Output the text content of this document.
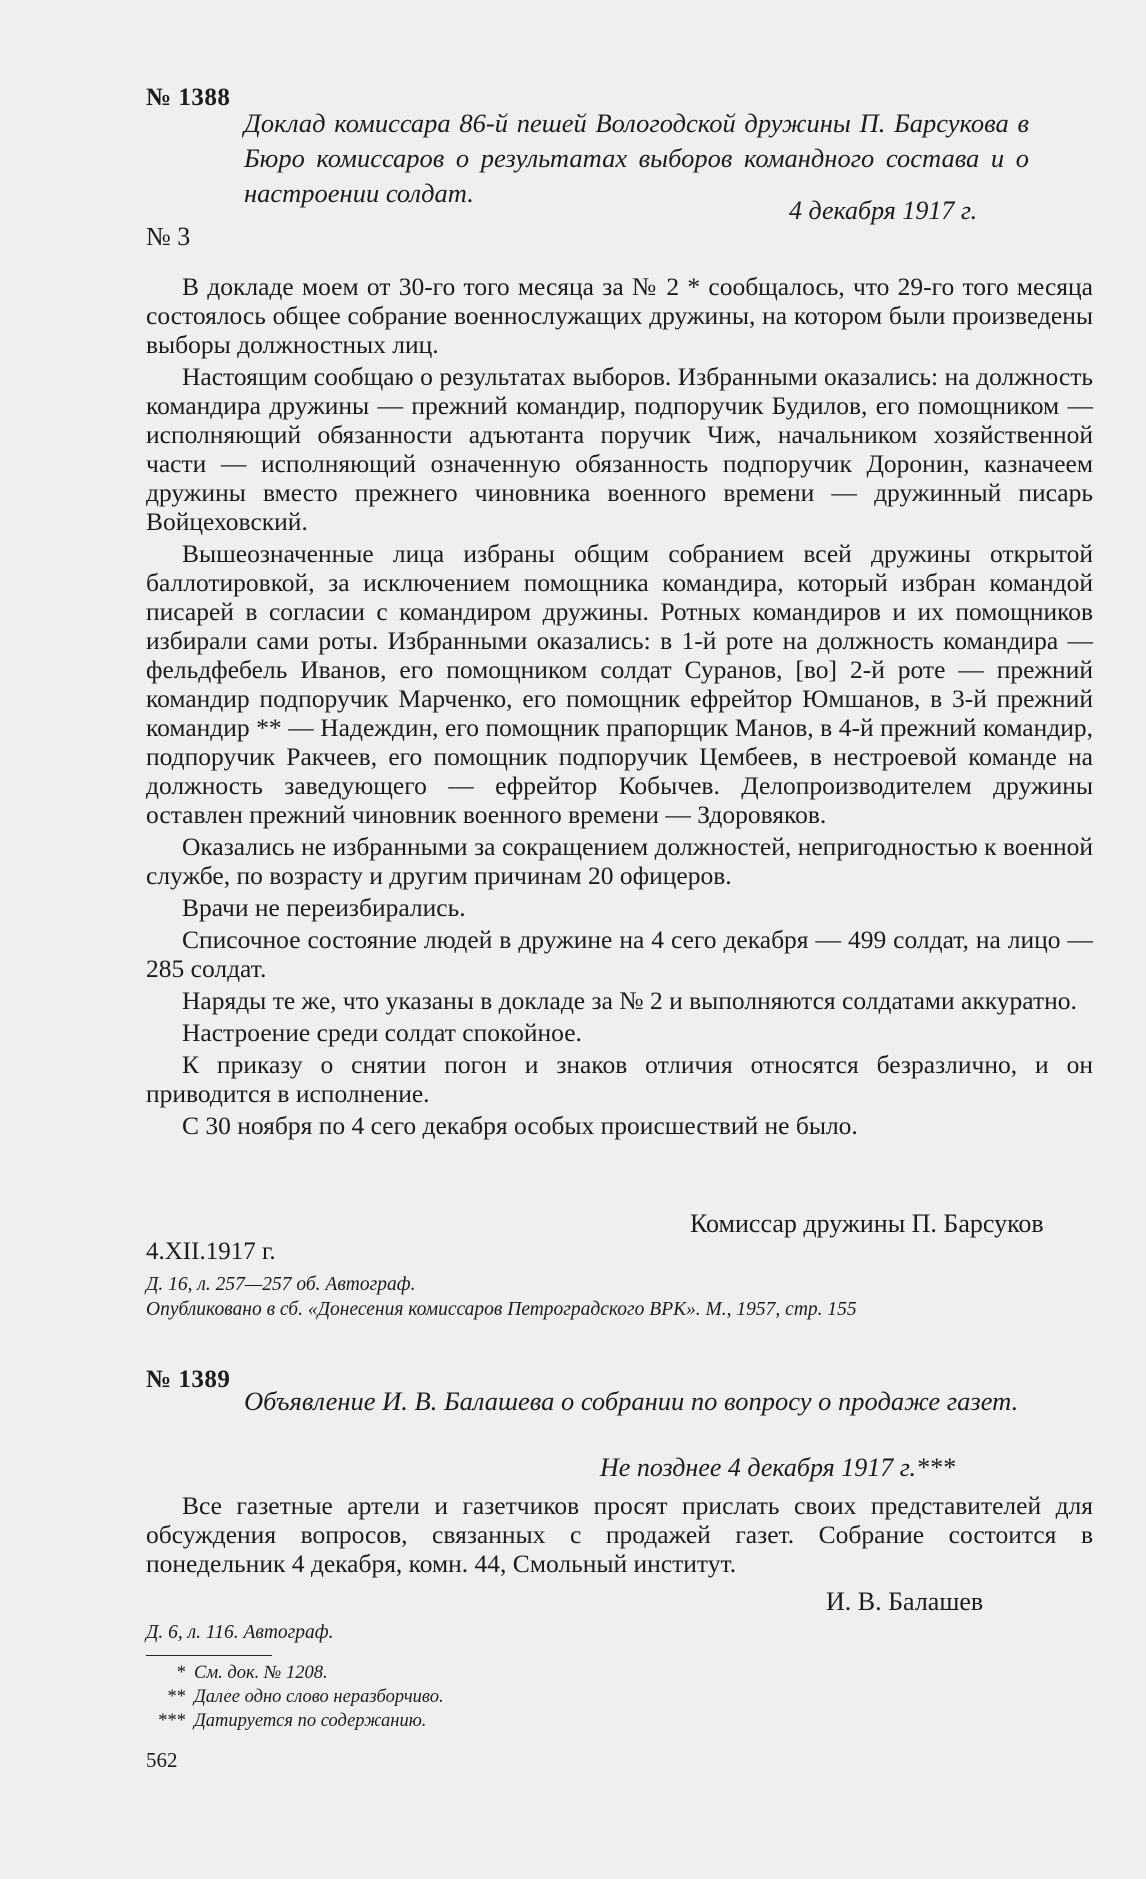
№ 1388
Доклад комиссара 86-й пешей Вологодской дружины П. Барсукова в Бюро комиссаров о результатах выборов командного состава и о настроении солдат.
4 декабря 1917 г.
№ 3

В докладе моем от 30-го того месяца за № 2 * сообщалось, что 29-го того месяца состоялось общее собрание военнослужащих дружины, на котором были произведены выборы должностных лиц.

Настоящим сообщаю о результатах выборов. Избранными оказались: на должность командира дружины — прежний командир, подпоручик Будилов, его помощником — исполняющий обязанности адъютанта поручик Чиж, начальником хозяйственной части — исполняющий означенную обязанность подпоручик Доронин, казначеем дружины вместо прежнего чиновника военного времени — дружинный писарь Войцеховский.

Вышеозначенные лица избраны общим собранием всей дружины открытой баллотировкой, за исключением помощника командира, который избран командой писарей в согласии с командиром дружины. Ротных командиров и их помощников избирали сами роты. Избранными оказались: в 1-й роте на должность командира — фельдфебель Иванов, его помощником солдат Суранов, [во] 2-й роте — прежний командир подпоручик Марченко, его помощник ефрейтор Юмшанов, в 3-й прежний командир ** — Надеждин, его помощник прапорщик Манов, в 4-й прежний командир, подпоручик Ракчеев, его помощник подпоручик Цембеев, в нестроевой команде на должность заведующего — ефрейтор Кобычев. Делопроизводителем дружины оставлен прежний чиновник военного времени — Здоровяков.

Оказались не избранными за сокращением должностей, непригодностью к военной службе, по возрасту и другим причинам 20 офицеров.

Врачи не переизбирались.

Списочное состояние людей в дружине на 4 сего декабря — 499 солдат, на лицо — 285 солдат.

Наряды те же, что указаны в докладе за № 2 и выполняются солдатами аккуратно.

Настроение среди солдат спокойное.

К приказу о снятии погон и знаков отличия относятся безразлично, и он приводится в исполнение.

С 30 ноября по 4 сего декабря особых происшествий не было.

Комиссар дружины П. Барсуков
4.XII.1917 г.
Д. 16, л. 257—257 об. Автограф.
Опубликовано в сб. «Донесения комиссаров Петроградского ВРК». М., 1957, стр. 155
№ 1389
Объявление И. В. Балашева о собрании по вопросу о продаже газет.
Не позднее 4 декабря 1917 г.***

Все газетные артели и газетчиков просят прислать своих представителей для обсуждения вопросов, связанных с продажей газет. Собрание состоится в понедельник 4 декабря, комн. 44, Смольный институт.

И. В. Балашев
Д. 6, л. 116. Автограф.
* См. док. № 1208.
** Далее одно слово неразборчиво.
*** Датируется по содержанию.
562
